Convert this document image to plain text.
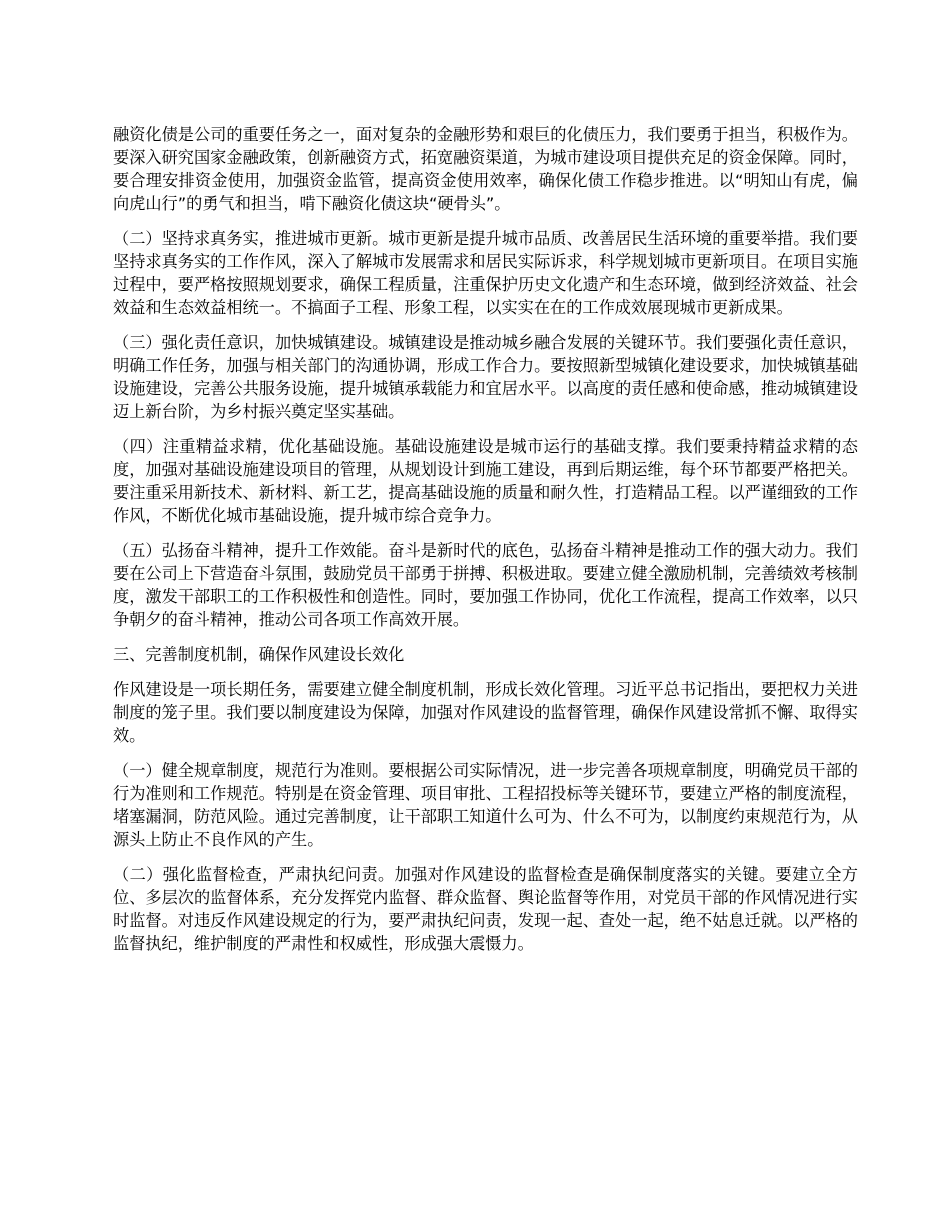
融资化债是公司的重要任务之一，面对复杂的金融形势和艰巨的化债压力，我们要勇于担当，积极作为。要深入研究国家金融政策，创新融资方式，拓宽融资渠道，为城市建设项目提供充足的资金保障。同时，要合理安排资金使用，加强资金监管，提高资金使用效率，确保化债工作稳步推进。以“明知山有虎，偏向虎山行”的勇气和担当，啃下融资化债这块“硬骨头”。

（二）坚持求真务实，推进城市更新。城市更新是提升城市品质、改善居民生活环境的重要举措。我们要坚持求真务实的工作作风，深入了解城市发展需求和居民实际诉求，科学规划城市更新项目。在项目实施过程中，要严格按照规划要求，确保工程质量，注重保护历史文化遗产和生态环境，做到经济效益、社会效益和生态效益相统一。不搞面子工程、形象工程，以实实在在的工作成效展现城市更新成果。

（三）强化责任意识，加快城镇建设。城镇建设是推动城乡融合发展的关键环节。我们要强化责任意识，明确工作任务，加强与相关部门的沟通协调，形成工作合力。要按照新型城镇化建设要求，加快城镇基础设施建设，完善公共服务设施，提升城镇承载能力和宜居水平。以高度的责任感和使命感，推动城镇建设迈上新台阶，为乡村振兴奠定坚实基础。

（四）注重精益求精，优化基础设施。基础设施建设是城市运行的基础支撑。我们要秉持精益求精的态度，加强对基础设施建设项目的管理，从规划设计到施工建设，再到后期运维，每个环节都要严格把关。要注重采用新技术、新材料、新工艺，提高基础设施的质量和耐久性，打造精品工程。以严谨细致的工作作风，不断优化城市基础设施，提升城市综合竞争力。

（五）弘扬奋斗精神，提升工作效能。奋斗是新时代的底色，弘扬奋斗精神是推动工作的强大动力。我们要在公司上下营造奋斗氛围，鼓励党员干部勇于拼搏、积极进取。要建立健全激励机制，完善绩效考核制度，激发干部职工的工作积极性和创造性。同时，要加强工作协同，优化工作流程，提高工作效率，以只争朝夕的奋斗精神，推动公司各项工作高效开展。

三、完善制度机制，确保作风建设长效化

作风建设是一项长期任务，需要建立健全制度机制，形成长效化管理。习近平总书记指出，要把权力关进制度的笼子里。我们要以制度建设为保障，加强对作风建设的监督管理，确保作风建设常抓不懈、取得实效。

（一）健全规章制度，规范行为准则。要根据公司实际情况，进一步完善各项规章制度，明确党员干部的行为准则和工作规范。特别是在资金管理、项目审批、工程招投标等关键环节，要建立严格的制度流程，堵塞漏洞，防范风险。通过完善制度，让干部职工知道什么可为、什么不可为，以制度约束规范行为，从源头上防止不良作风的产生。

（二）强化监督检查，严肃执纪问责。加强对作风建设的监督检查是确保制度落实的关键。要建立全方位、多层次的监督体系，充分发挥党内监督、群众监督、舆论监督等作用，对党员干部的作风情况进行实时监督。对违反作风建设规定的行为，要严肃执纪问责，发现一起、查处一起，绝不姑息迁就。以严格的监督执纪，维护制度的严肃性和权威性，形成强大震慑力。
